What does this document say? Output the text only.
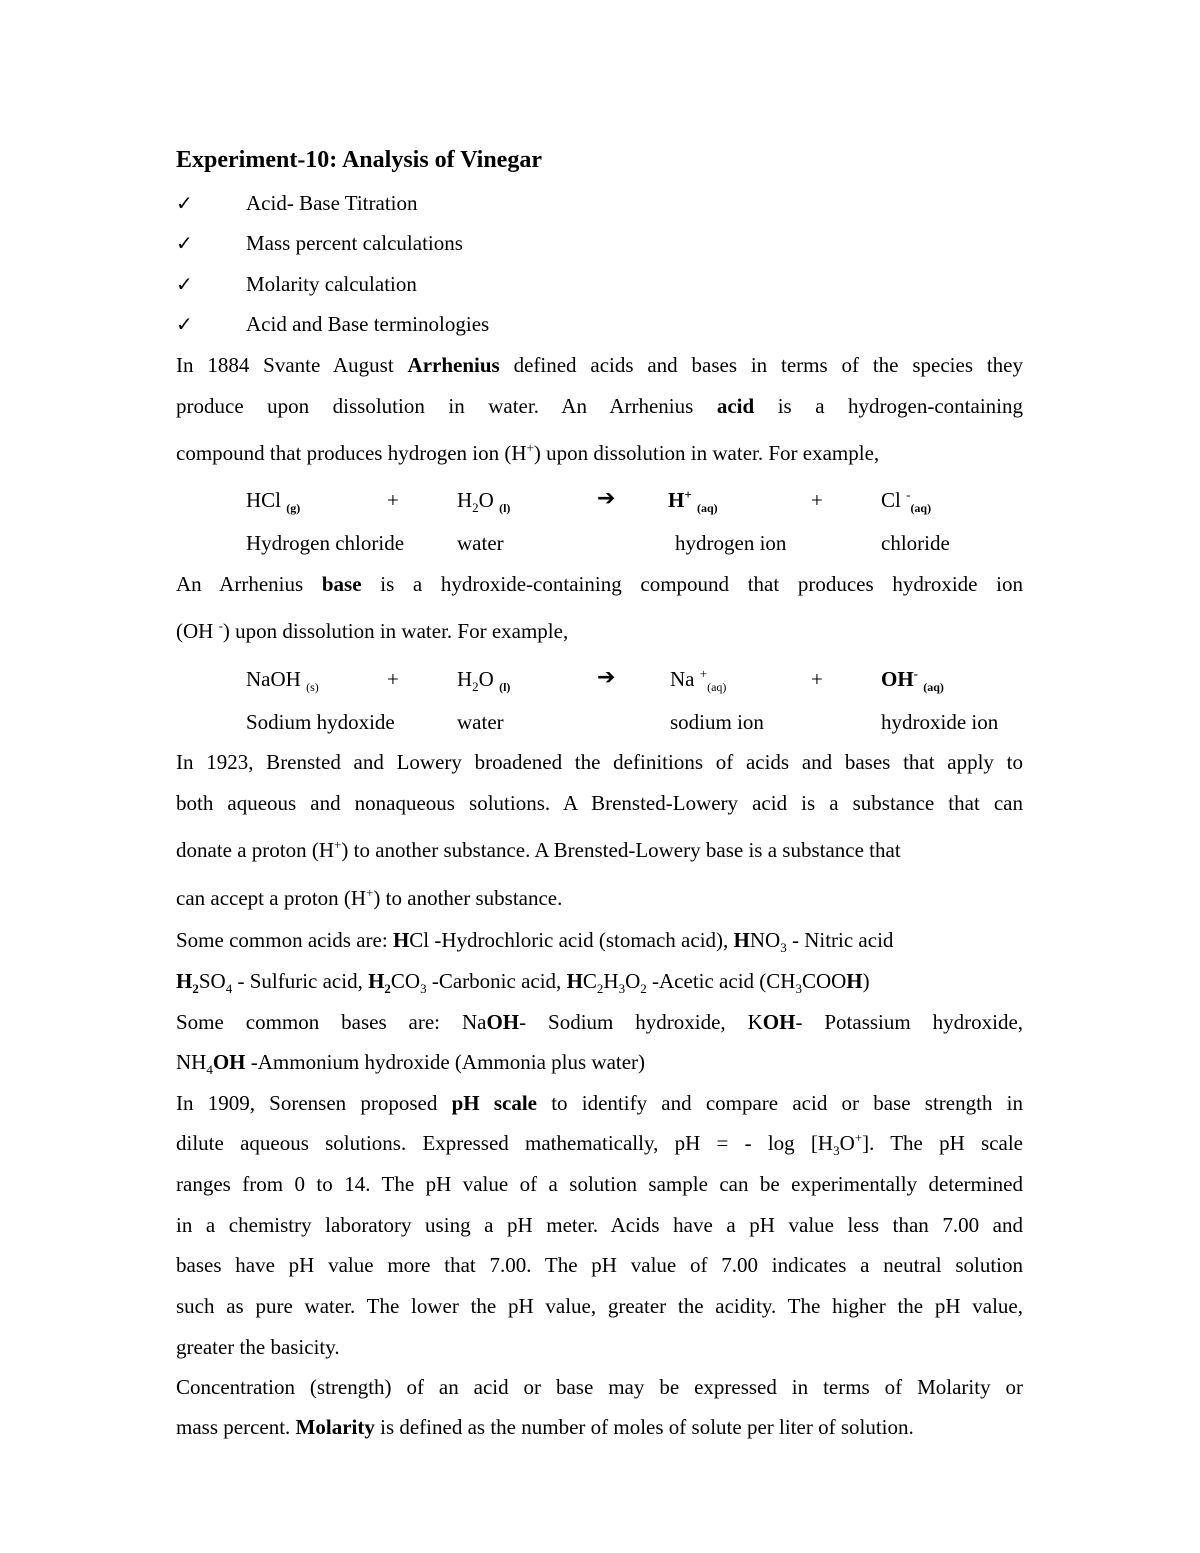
Experiment-10: Analysis of Vinegar
✓	Acid- Base Titration
✓	Mass percent calculations
✓	Molarity calculation
✓	Acid and Base terminologies
In 1884 Svante August Arrhenius defined acids and bases in terms of the species they
produce upon dissolution in water. An Arrhenius acid is a hydrogen-containing
compound that produces hydrogen ion (H+) upon dissolution in water. For example,
HCl $_{(g)}$	+	$H_2O$ $_{(l)}$	➔	H+ $_{(aq)}$	+	Cl -$_{(aq)}$
Hydrogen chloride	water	hydrogen ion	chloride
An Arrhenius base is a hydroxide-containing compound that produces hydroxide ion
(OH -) upon dissolution in water. For example,
NaOH $_{(s)}$	+	$H_2O$ $_{(l)}$	➔	Na +$_{(aq)}$	+	OH- $_{(aq)}$
Sodium hydoxide	water	sodium ion	hydroxide ion
In 1923, Brensted and Lowery broadened the definitions of acids and bases that apply to
both aqueous and nonaqueous solutions. A Brensted-Lowery acid is a substance that can
donate a proton (H+) to another substance. A Brensted-Lowery base is a substance that
can accept a proton (H+) to another substance.
Some common acids are: HCl -Hydrochloric acid (stomach acid), $HNO_3$ - Nitric acid
$H_2SO_4$ - Sulfuric acid, $H_2CO_3$ -Carbonic acid, $HC_2H_3O_2$ -Acetic acid $(CH_3COOH)$
Some common bases are: NaOH- Sodium hydroxide, KOH- Potassium hydroxide,
$NH_4OH$ -Ammonium hydroxide (Ammonia plus water)
In 1909, Sorensen proposed pH scale to identify and compare acid or base strength in
dilute aqueous solutions. Expressed mathematically, pH = - $\log [H_3O^+]$. The pH scale
ranges from 0 to 14. The pH value of a solution sample can be experimentally determined
in a chemistry laboratory using a pH meter. Acids have a pH value less than 7.00 and
bases have pH value more that 7.00. The pH value of 7.00 indicates a neutral solution
such as pure water. The lower the pH value, greater the acidity. The higher the pH value,
greater the basicity.
Concentration (strength) of an acid or base may be expressed in terms of Molarity or
mass percent. Molarity is defined as the number of moles of solute per liter of solution.
